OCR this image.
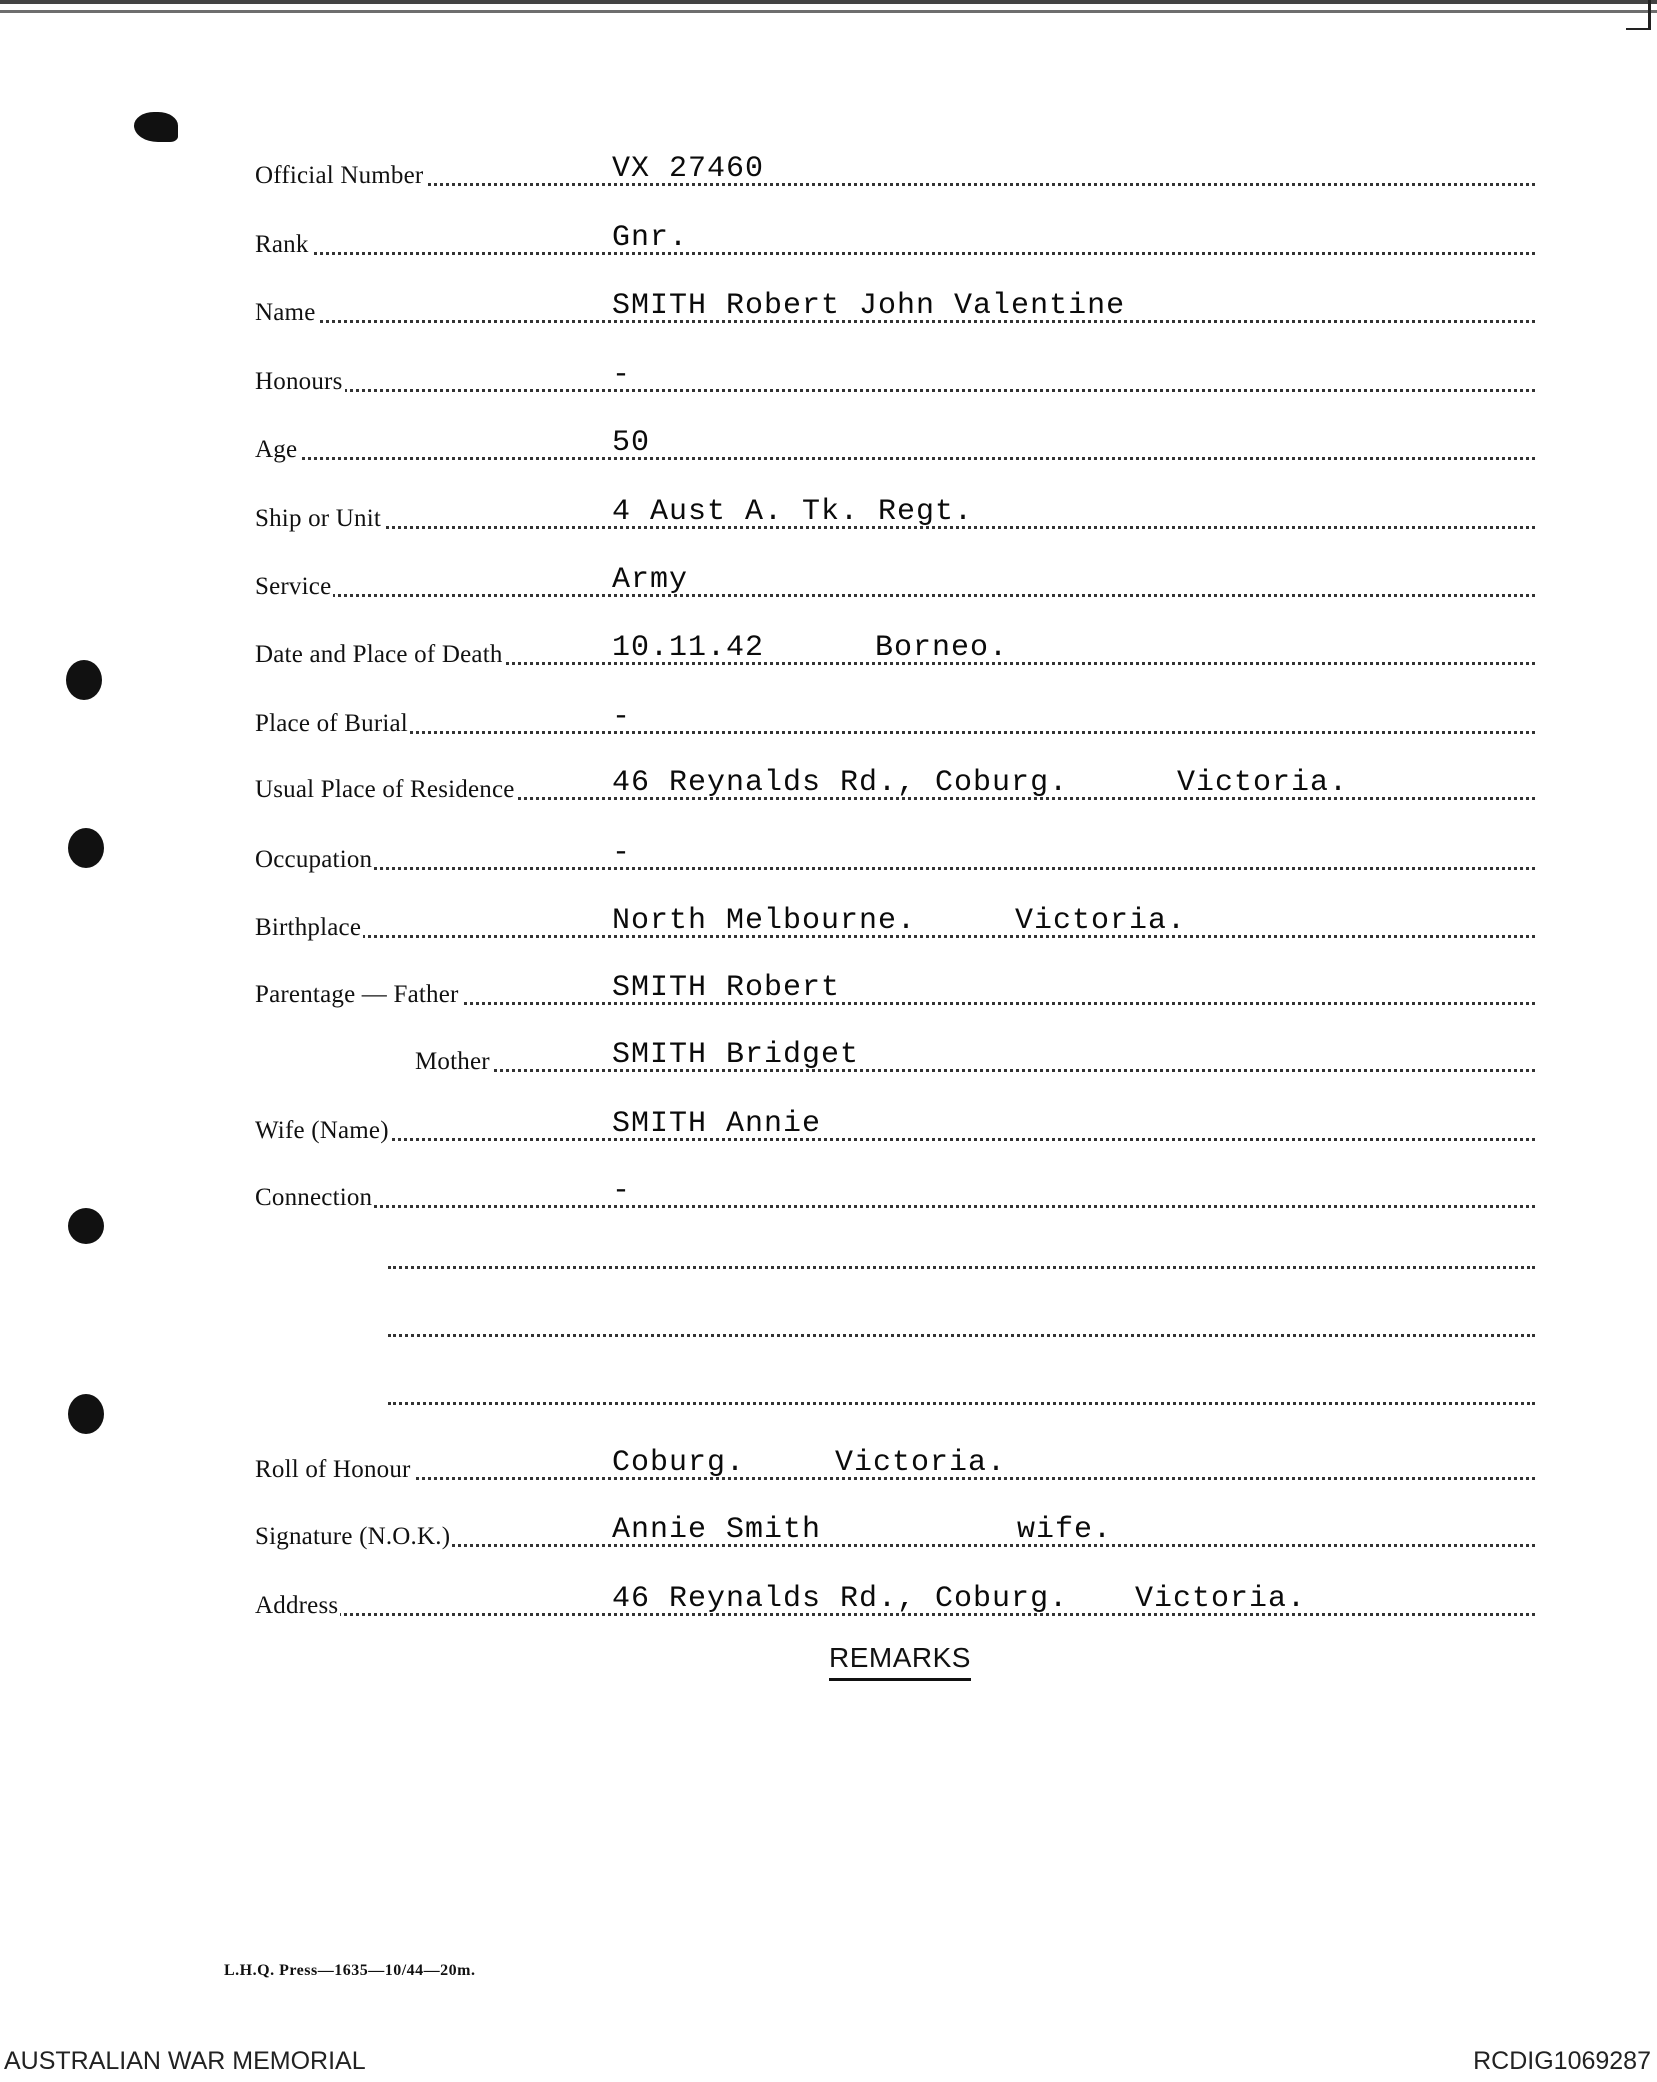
Official Number	VX 27460
Rank	Gnr.
Name	SMITH Robert John Valentine
Honours	-
Age	50
Ship or Unit	4 Aust A. Tk. Regt.
Service	Army
Date and Place of Death	10.11.42	Borneo.
Place of Burial	-
Usual Place of Residence	46 Reynalds Rd., Coburg.	Victoria.
Occupation	-
Birthplace	North Melbourne.	Victoria.
Parentage — Father	SMITH Robert
Mother	SMITH Bridget
Wife (Name)	SMITH Annie
Connection	-
Roll of Honour	Coburg.	Victoria.
Signature (N.O.K.)	Annie Smith	wife.
Address	46 Reynalds Rd., Coburg. Victoria.
REMARKS
L.H.Q. Press—1635—10/44—20m.
AUSTRALIAN WAR MEMORIAL	RCDIG1069287
